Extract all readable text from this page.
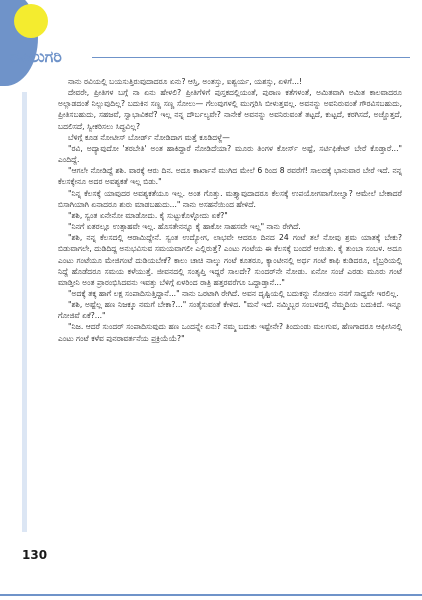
ನವಿಲುಗರಿ

ನಾನು ರವಿಯಲ್ಲಿ ಬಯಸುತ್ತಿರುವುದಾದರೂ ಏನು? ಆಸ್ತಿ, ಅಂತಸ್ತು, ಐಶ್ವರ್ಯ, ಯಶಸ್ಸು, ಏಳಿಗೆ...!

ದೇವರೇ, ಪ್ರೀತಿಗಳ ಬಗ್ಗೆ ನಾ ಏನು ಹೇಳಲಿ? ಪ್ರೀತಿಗೆಳಿಗೆ ಪುಸ್ತಕದಲ್ಲಿಯಂತೆ, ಪುರಾಣ ಕತೆಗಳಂತೆ, ಅಮಿತವಾಗಿ ಅಮಿತ ಕಾಲವಾದರೂ ಅಲ್ಲಾಡದಂತೆ ನಿಲ್ಲುವುದಿಲ್ಲ? ಬದುಕಿನ ಸಣ್ಣ ಸಣ್ಣ ಸೋಲು— ಗೆಲುವುಗಳಲ್ಲಿ ಮುಗ್ಗರಿಸಿ ಬೀಳುತ್ತವಲ್ಲ. ಅವನನ್ನು ಅವನಿರುವಂತೆ ಗೌರವಿಸಬಹುದು, ಪ್ರೀತಿಸಬಹುದು, ಸಹಜವೆ, ಸ್ವಾಭಾವಿಕವೆ? ಇಲ್ಲ ನನ್ನ ದೌರ್ಬಲ್ಯವೇ? ನಾನೇಕೆ ಅವನನ್ನು ಅವನಿರುವಂತೆ ತಟ್ಟದೆ, ಕುಟ್ಟದೆ, ಕರಗಿಸದೆ, ಅಚ್ಚೊತ್ತದೆ, ಬದಲಿಸದೆ, ಸ್ವೀಕರಿಸಲು ಸಿದ್ಧವಿಲ್ಲ?

ಬೆಳಿಗ್ಗೆ ಕೂಡ ನೋಟೀಸ್ ಬೋರ್ಡ್ ನೋಡಿದಾಗ ಮತ್ತೆ ಕೂಡಿದಳ್ದೆ—

"ರವಿ, ಅದ್ಯಾವುದೋ 'ತರಬೇತಿ' ಅಂತ ಹಾಕಿದ್ದಾರೆ ನೋಡಿದೆಯಾ? ಮೂರು ತಿಂಗಳ ಕೋರ್ಸ್ ಅಷ್ಟೆ, ಸರ್ಟಿಫಿಕೇಟ್ ಬೇರೆ ಕೊಡ್ತಾರೆ..." ಎಂದಿದ್ದೆ.

"ಆಗಲೇ ನೋಡಿದ್ದೆ ಶಶಿ. ವಾರಕ್ಕೆ ಆರು ದಿನ. ಅದೂ ಕಾರ್ಖಾನೆ ಮುಗಿದ ಮೇಲೆ 6 ರಿಂದ 8 ರವರೆಗೆ! ಸಾಲದಕ್ಕೆ ಭಾನುವಾರ ಬೇರೆ ಇದೆ. ನನ್ನ ಕೆಲಸಕ್ಕೇನೂ ಅದರ ಅವಶ್ಯಕತೆ ಇಲ್ಲ ಬಿಡು."

"ನಿನ್ನ ಕೆಲಸಕ್ಕೆ ಯಾವುದರ ಅವಶ್ಯಕತೆಯೂ ಇಲ್ಲ. ಅಂತ ಗೊತ್ತು. ಮತ್ತ್ಯಾವುದಾದರೂ ಕೆಲಸಕ್ಕೆ ಉಪಯೋಗವಾಗೋಲ್ವಾ? ಆಮೇಲೆ ಬೇಕಾದರೆ ಬಿಸಾಗಿಯಾಗಿ ಏನಾದರೂ ಶುರು ಮಾಡಬಹುದು..." ನಾನು ಅಸಹನೆಯಿಂದ ಹೇಳಿದೆ.

"ಶಶಿ, ಸ್ವಂತ ಏನೇನೋ ಮಾಡೋದು. ಕೈ ಸುಟ್ಟುಕೊಳ್ಳೋದು ಏಕೆ?"

"ನಿನಗೆ ಏತರಲ್ಲೂ ಉತ್ಸಾಹವೇ ಇಲ್ಲ. ಹೊಸತೇನನ್ನೂ ಕೈ ಹಾಕೋ ಸಾಹಸವೇ ಇಲ್ಲ" ನಾನು ರೇಗಿದೆ.

"ಶಶಿ, ನನ್ನ ಕೆಲಸದಲ್ಲಿ ಆರಾಮಿದ್ದೇನೆ. ಸ್ವಂತ ಉದ್ಯೋಗ, ಲಾಭವೇ ಆದರೂ ದಿನದ 24 ಗಂಟೆ ತಲೆ ನೋವು ಶ್ರಮ ಯಾತಕ್ಕೆ ಬೇಕು? ಬಿಡುವಾಗಲೇ, ದುಡಿದಿದ್ದ ಅನುಭವಿಸುವ ಸಮಯವಾಗಲೀ ಎಲ್ಲಿರುತ್ತೆ? ಎಂಟು ಗಂಟೆಯ ಈ ಕೆಲಸಕ್ಕೆ ಬಂದರೆ ಆಯಿತು. ಕೈ ತುಂಬಾ ಸಂಬಳ. ಅದೂ ಎಂಟು ಗಂಟೆಯೂ ಮೇಜಿಗಂಟೆ ದುಡಿಯಬೇಕೆ? ಕಾಲು ಚಾಚಿ ನಾಲ್ಕು ಗಂಟೆ ಕೂತರೂ, ಕ್ಯಾಂಟೀನಲ್ಲಿ ಅರ್ಧ ಗಂಟೆ ಕಾಫಿ ಕುಡಿದರೂ, ಲೈಬ್ರರಿಯಲ್ಲಿ ನಿದ್ದೆ ಹೊಡೆದರೂ ಸಮಯ ಕಳೆಯುತ್ತೆ. ಜೀವನದಲ್ಲಿ ಸಂತೃಪ್ತಿ ಇದ್ದರೆ ಸಾಲದೇ? ಸುಂದರ್‌ನೇ ನೋಡು. ಏನೋ ಸಂಜೆ ಎರಡು ಮೂರು ಗಂಟೆ ಮಾಡ್ತೀನಿ ಅಂತ ಪ್ರಾರಂಭಿಸಿದವನು ಇವತ್ತು ಬೆಳಿಗ್ಗೆ ಏಳರಿಂದ ರಾತ್ರಿ ಹತ್ತರವರೆಗೂ ಒದ್ದಾಡ್ತಾನೆ..."

"ಅದಕ್ಕೆ ತಕ್ಕ ಹಾಗೆ ಲಕ್ಷ ಸಂಪಾದಿಸುತ್ತಿದ್ದಾನೆ..." ನಾನು ಒರಟಾಗಿ ರೇಗಿದೆ. ಅವನ ದೃಷ್ಟಿಯಲ್ಲಿ ಬದುಕನ್ನು ನೋಡಲು ನನಗೆ ಸಾಧ್ಯವೇ ಇರಲಿಲ್ಲ.

"ಶಶಿ, ಅಷ್ಟೆಲ್ಲ ಹಣ ನಿಜಕ್ಕೂ ನಮಗೆ ಬೇಕಾ?..." ಸಂತೈಸುವಂತೆ ಕೇಳಿದ. "ಮನೆ ಇದೆ. ನಮ್ಮಿಬ್ಬರ ಸಂಬಳದಲ್ಲಿ ನೆಮ್ಮದಿಯ ಬದುಕಿದೆ. ಇನ್ನೂ ಗೋಜಿವೆ ಏಕೆ?..."

"ನಿಜ. ಆದರೆ ಸುಂದರ್ ಸಂಪಾದಿಸುವುದು ಹಣ ಒಂದನ್ನೇ ಏನು? ನಮ್ಮ ಬದುಕು ಇಷ್ಟೇನೇ? ತಿಂದುಂಡು ಮಲಗುವ, ಹೆಣಗಾದರೂ ಆಫೀಸಿನಲ್ಲಿ ಎಂಟು ಗಂಟೆ ಕಳೆವ ಪುನರಾವರ್ತನೆಯ ಪ್ರಕ್ರಿಯೆಯೆ?"

130
